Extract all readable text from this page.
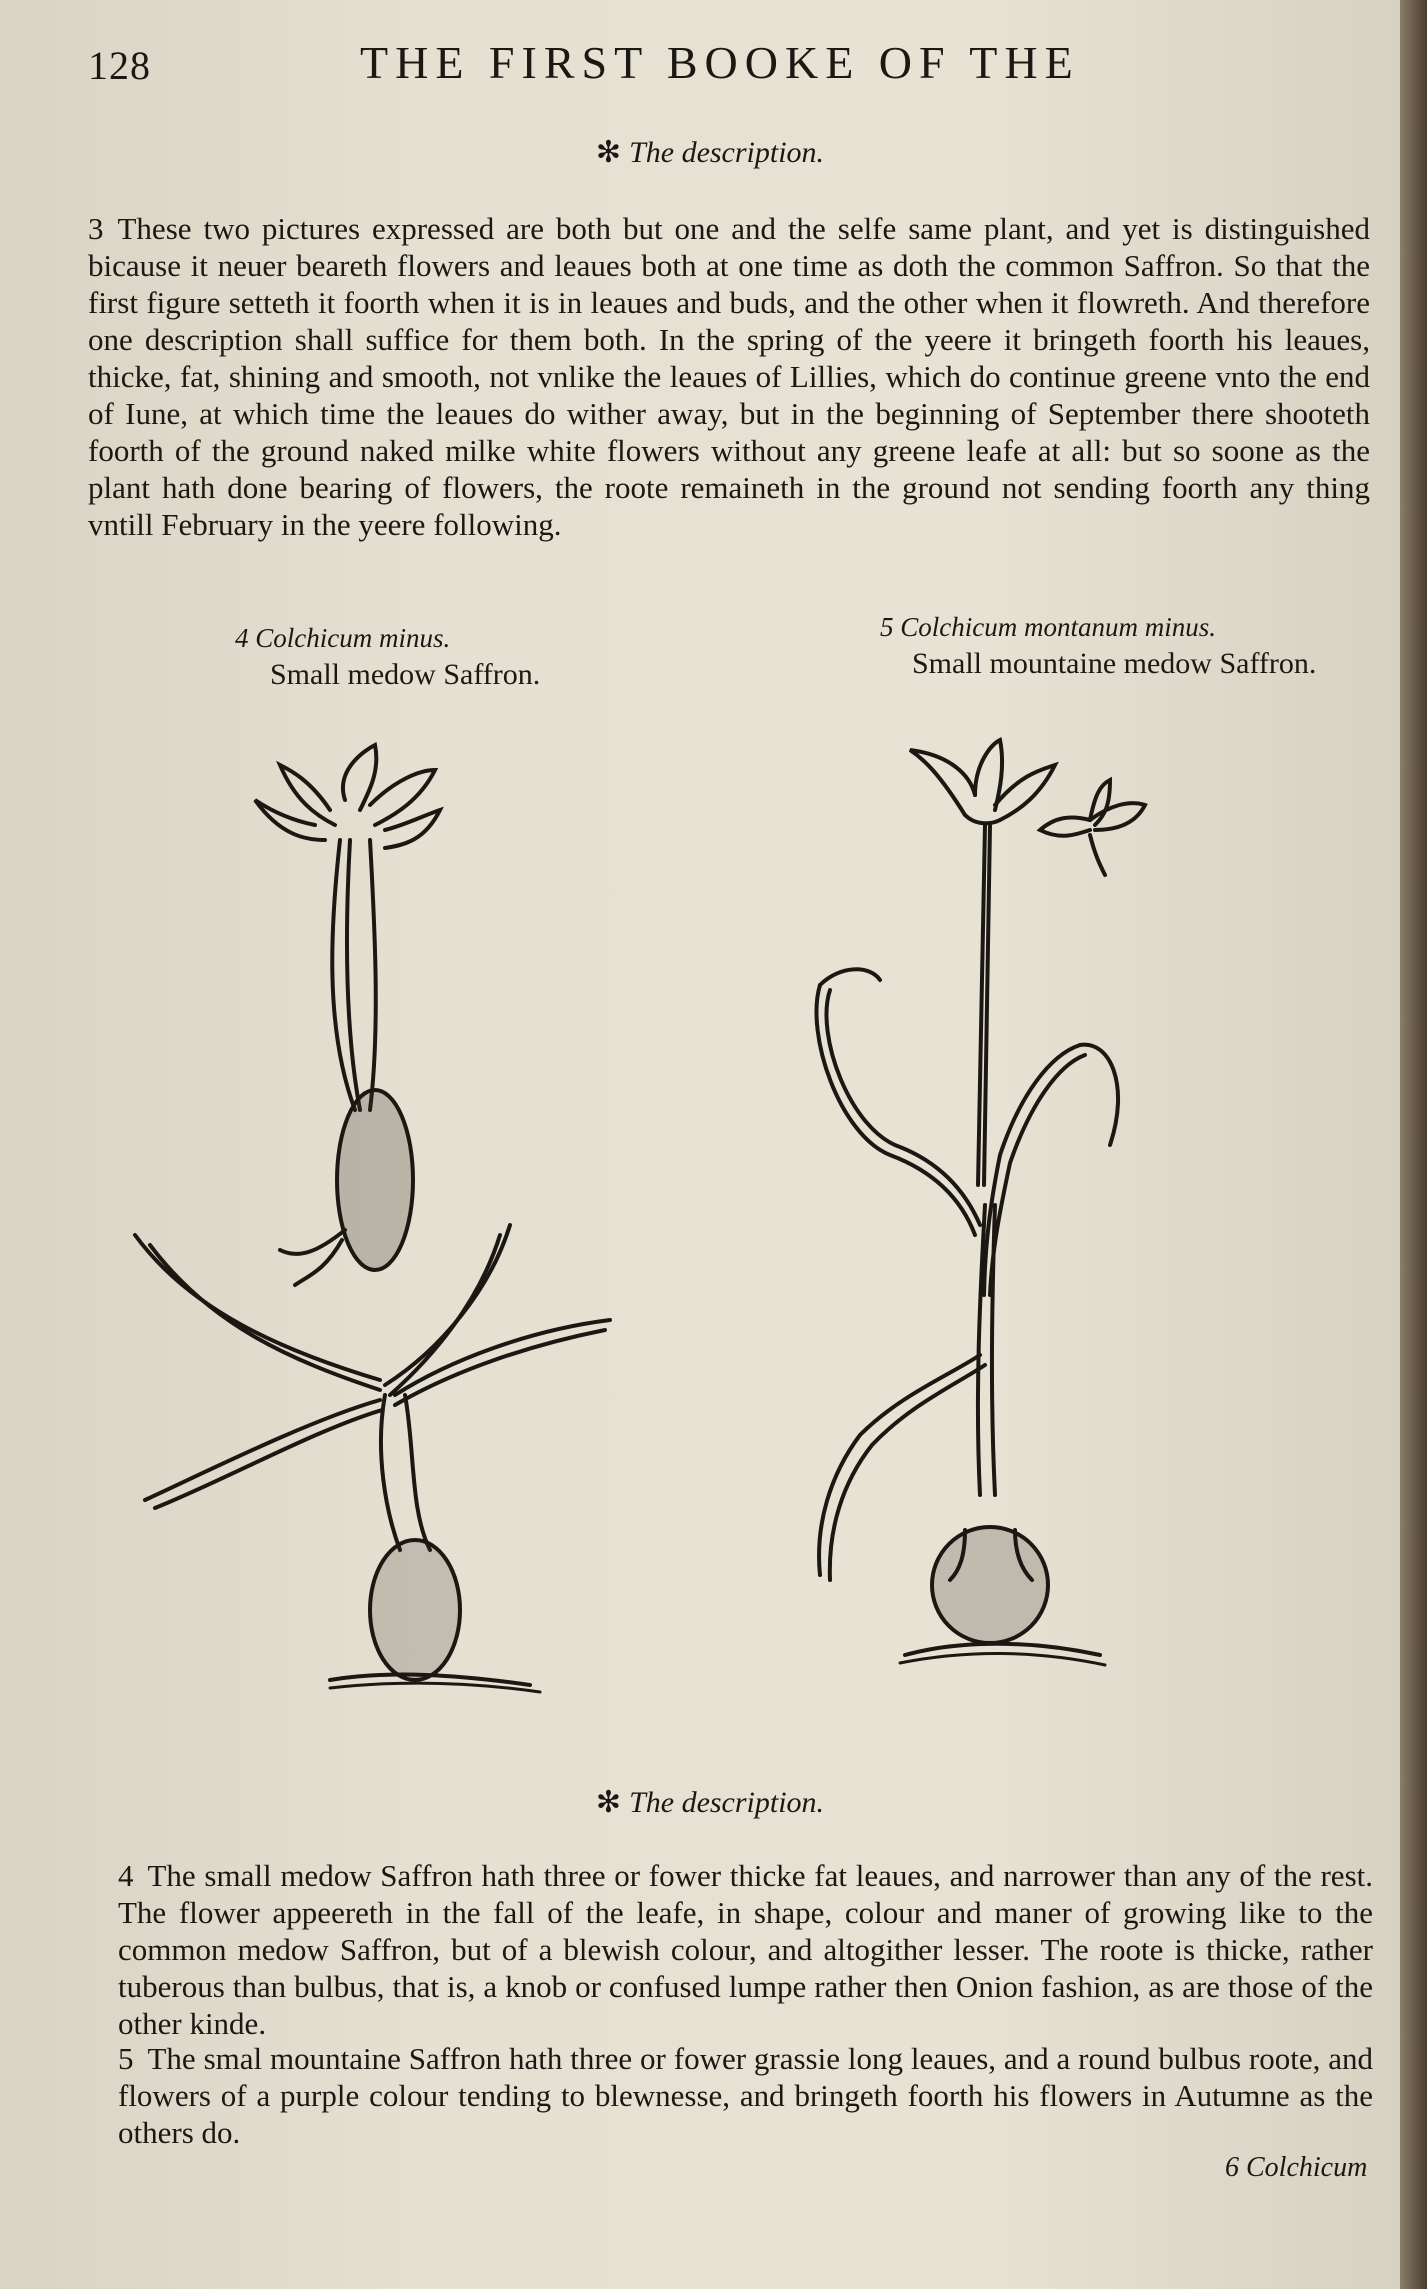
128	THE FIRST BOOKE OF THE
✻ The description.
3 These two pictures expressed are both but one and the selfe same plant, and yet is distinguished bicause it neuer beareth flowers and leaues both at one time as doth the common Saffron. So that the first figure setteth it foorth when it is in leaues and buds, and the other when it flowreth. And therefore one description shall suffice for them both. In the spring of the yeere it bringeth foorth his leaues, thicke, fat, shining and smooth, not vnlike the leaues of Lillies, which do continue greene vnto the end of Iune, at which time the leaues do wither away, but in the beginning of September there shooteth foorth of the ground naked milke white flowers without any greene leafe at all: but so soone as the plant hath done bearing of flowers, the roote remaineth in the ground not sending foorth any thing vntill February in the yeere following.
4 Colchicum minus.
Small medow Saffron.
5 Colchicum montanum minus.
Small mountaine medow Saffron.
✻ The description.
4 The small medow Saffron hath three or fower thicke fat leaues, and narrower than any of the rest. The flower appeereth in the fall of the leafe, in shape, colour and maner of growing like to the common medow Saffron, but of a blewish colour, and altogither lesser. The roote is thicke, rather tuberous than bulbus, that is, a knob or confused lumpe rather then Onion fashion, as are those of the other kinde.
5 The smal mountaine Saffron hath three or fower grassie long leaues, and a round bulbus roote, and flowers of a purple colour tending to blewnesse, and bringeth foorth his flowers in Autumne as the others do.
6 Colchicum
